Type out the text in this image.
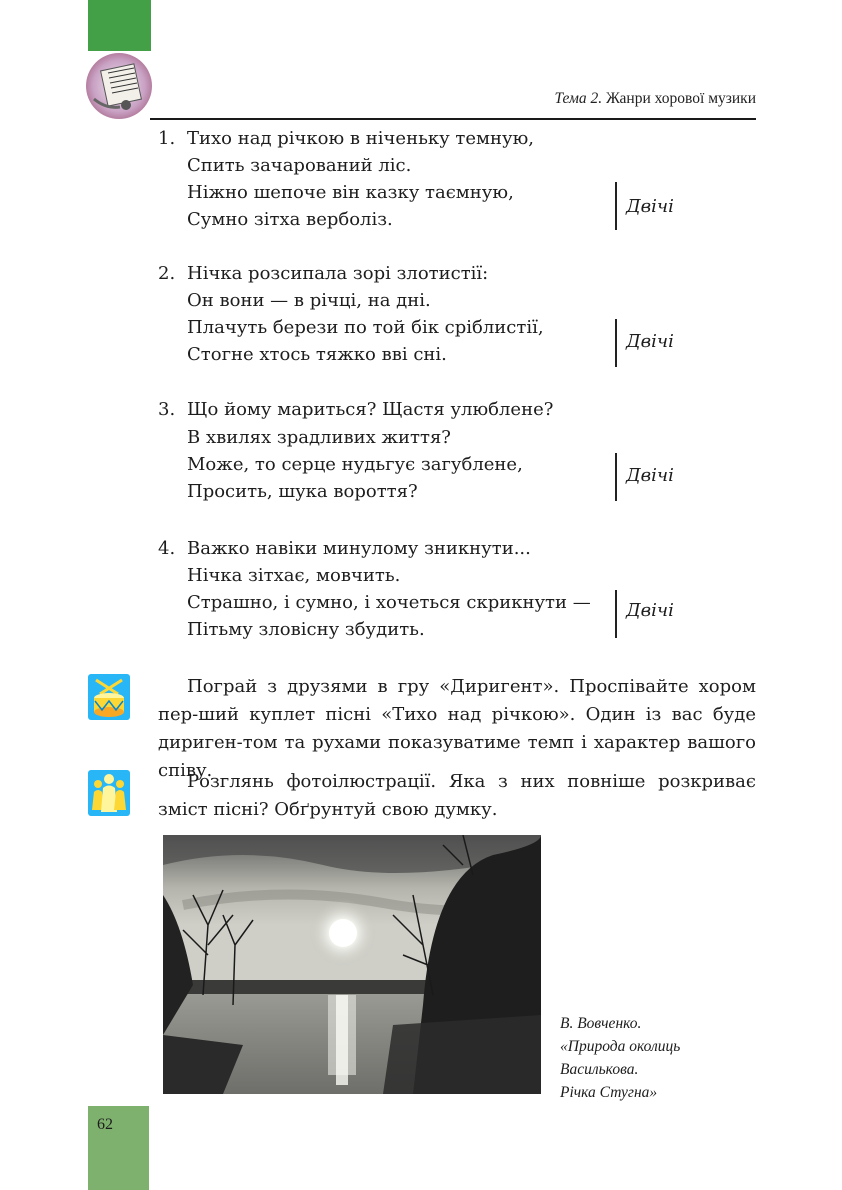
Тема 2. Жанри хорової музики
1. Тихо над річкою в ніченьку темную,
Спить зачарований ліс.
Ніжно шепоче він казку таємную,
Сумно зітха верболіз.
Двічі
2. Нічка розсипала зорі злотистії:
Он вони — в річці, на дні.
Плачуть берези по той бік сріблистії,
Стогне хтось тяжко вві сні.
Двічі
3. Що йому мариться? Щастя улюблене?
В хвилях зрадливих життя?
Може, то серце нудьгує загублене,
Просить, шука вороття?
Двічі
4. Важко навіки минулому зникнути...
Нічка зітхає, мовчить.
Страшно, і сумно, і хочеться скрикнути —
Пітьму зловісну збудить.
Двічі
Пограй з друзями в гру «Диригент». Проспівайте хором пер-ший куплет пісні «Тихо над річкою». Один із вас буде дириген-том та рухами показуватиме темп і характер вашого співу.
Розглянь фотоілюстрації. Яка з них повніше розкриває зміст пісні? Обґрунтуй свою думку.
В. Вовченко.
«Природа околиць
Василькова.
Річка Стугна»
62
